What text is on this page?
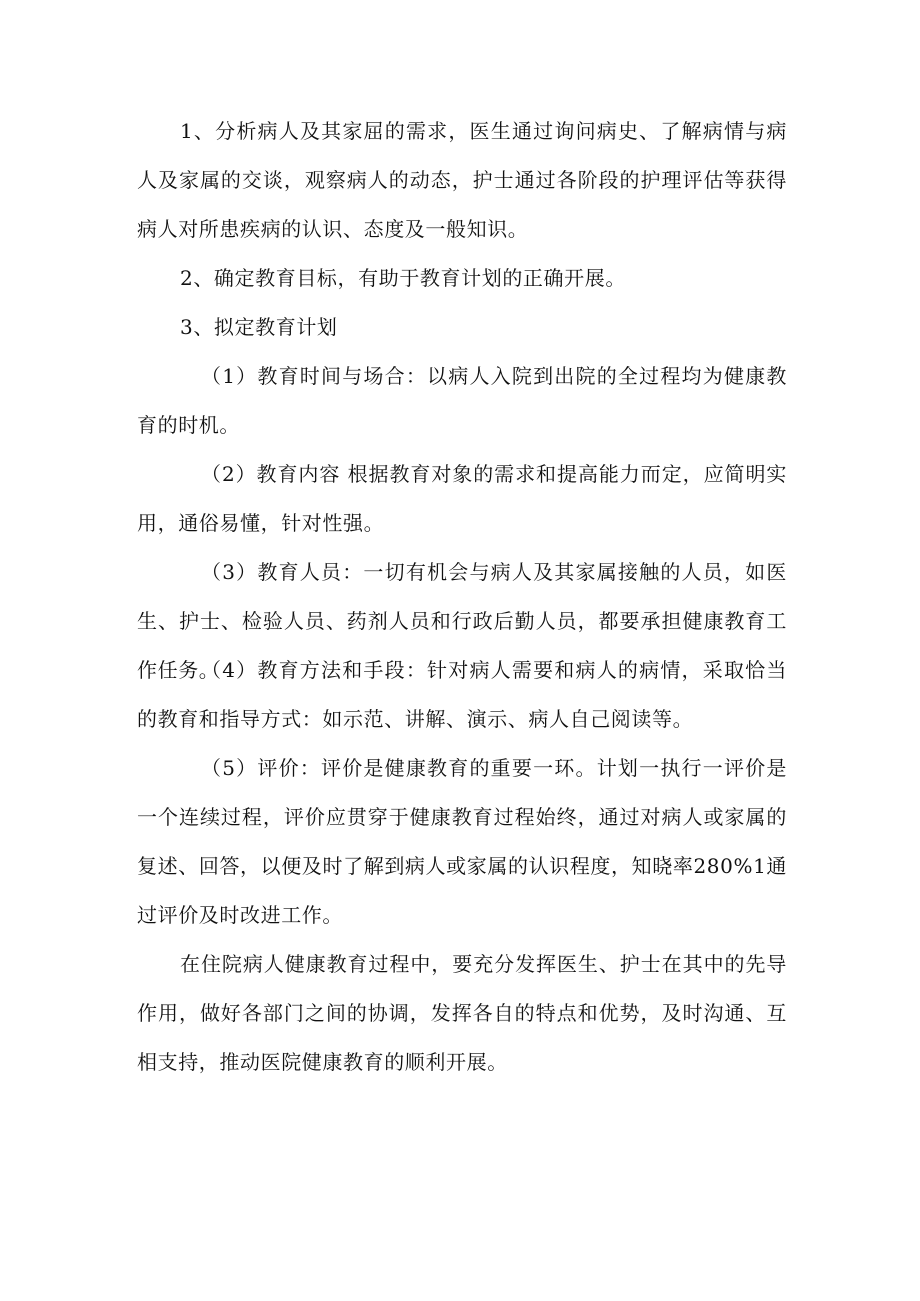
1、分析病人及其家屈的需求，医生通过询问病史、了解病情与病人及家属的交谈，观察病人的动态，护士通过各阶段的护理评估等获得病人对所患疾病的认识、态度及一般知识。

2、确定教育目标，有助于教育计划的正确开展。

3、拟定教育计划

（1）教育时间与场合：以病人入院到出院的全过程均为健康教育的时机。

（2）教育内容 根据教育对象的需求和提高能力而定，应简明实用，通俗易懂，针对性强。

（3）教育人员：一切有机会与病人及其家属接触的人员，如医生、护士、检验人员、药剂人员和行政后勤人员，都要承担健康教育工作任务。

（4）教育方法和手段：针对病人需要和病人的病情，采取恰当的教育和指导方式：如示范、讲解、演示、病人自己阅读等。

（5）评价：评价是健康教育的重要一环。计划一执行一评价是一个连续过程，评价应贯穿于健康教育过程始终，通过对病人或家属的复述、回答，以便及时了解到病人或家属的认识程度，知晓率280%1通过评价及时改进工作。

在住院病人健康教育过程中，要充分发挥医生、护士在其中的先导作用，做好各部门之间的协调，发挥各自的特点和优势，及时沟通、互相支持，推动医院健康教育的顺利开展。
